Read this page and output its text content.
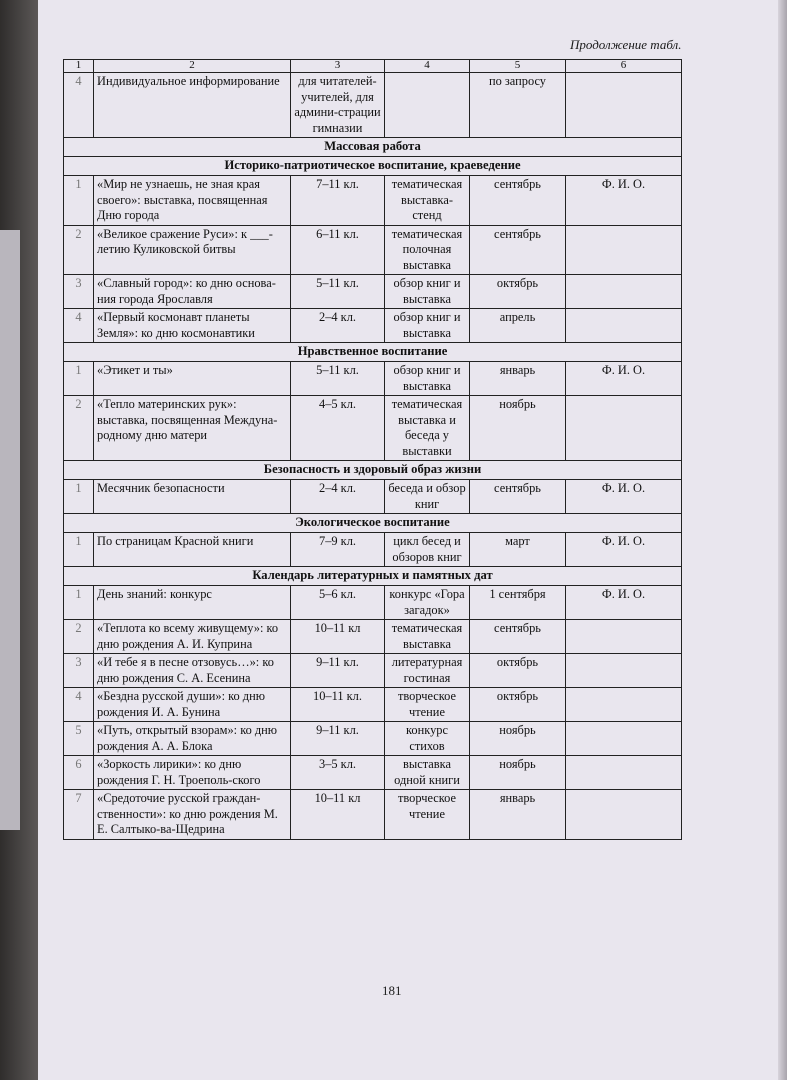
Продолжение табл.
1	2	3	4	5	6
4	Индивидуальное информирование	для читателей-учителей, для админи-страции гимназии		по запросу	
Массовая работа					
Историко-патриотическое воспитание, краеведение					
1	«Мир не узнаешь, не зная края своего»: выставка, посвященная Дню города	7–11 кл.	тематическая выставка-стенд	сентябрь	Ф. И. О.
2	«Великое сражение Руси»: к ___-летию Куликовской битвы	6–11 кл.	тематическая полочная выставка	сентябрь	
3	«Славный город»: ко дню основа-ния города Ярославля	5–11 кл.	обзор книг и выставка	октябрь	
4	«Первый космонавт планеты Земля»: ко дню космонавтики	2–4 кл.	обзор книг и выставка	апрель	
Нравственное воспитание					
1	«Этикет и ты»	5–11 кл.	обзор книг и выставка	январь	Ф. И. О.
2	«Тепло материнских рук»: выставка, посвященная Междуна-родному дню матери	4–5 кл.	тематическая выставка и беседа у выставки	ноябрь	
Безопасность и здоровый образ жизни					
1	Месячник безопасности	2–4 кл.	беседа и обзор книг	сентябрь	Ф. И. О.
Экологическое воспитание					
1	По страницам Красной книги	7–9 кл.	цикл бесед и обзоров книг	март	Ф. И. О.
Календарь литературных и памятных дат					
1	День знаний: конкурс	5–6 кл.	конкурс «Гора загадок»	1 сентября	Ф. И. О.
2	«Теплота ко всему живущему»: ко дню рождения А. И. Куприна	10–11 кл	тематическая выставка	сентябрь	
3	«И тебе я в песне отзовусь…»: ко дню рождения С. А. Есенина	9–11 кл.	литературная гостиная	октябрь	
4	«Бездна русской души»: ко дню рождения И. А. Бунина	10–11 кл.	творческое чтение	октябрь	
5	«Путь, открытый взорам»: ко дню рождения А. А. Блока	9–11 кл.	конкурс стихов	ноябрь	
6	«Зоркость лирики»: ко дню рождения Г. Н. Троеполь-ского	3–5 кл.	выставка одной книги	ноябрь	
7	«Средоточие русской граждан-ственности»: ко дню рождения М. Е. Салтыко-ва-Щедрина	10–11 кл	творческое чтение	январь	
181
